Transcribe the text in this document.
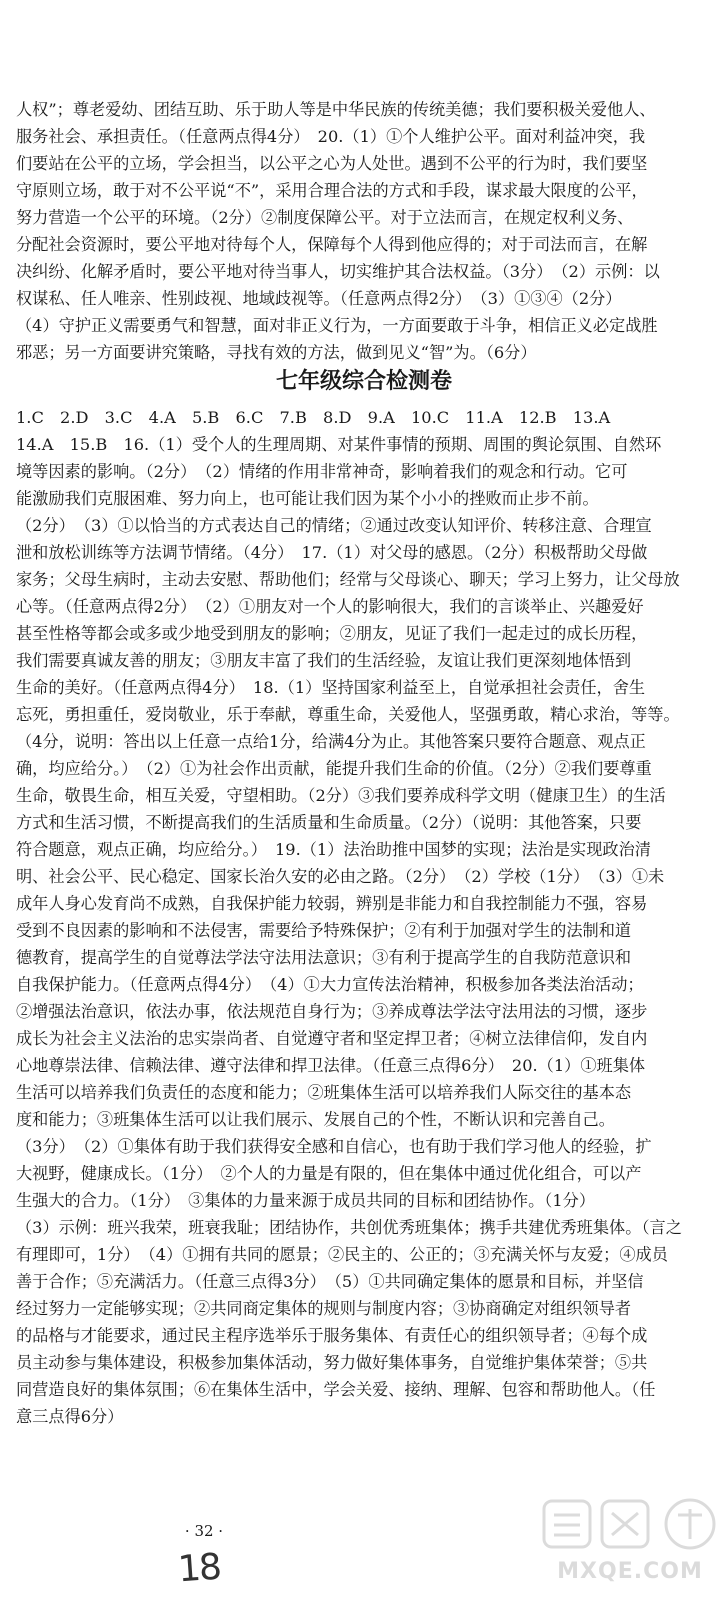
人权”；尊老爱幼、团结互助、乐于助人等是中华民族的传统美德；我们要积极关爱他人、
服务社会、承担责任。（任意两点得4分）　20.（1）①个人维护公平。面对利益冲突，我
们要站在公平的立场，学会担当，以公平之心为人处世。遇到不公平的行为时，我们要坚
守原则立场，敢于对不公平说“不”，采用合理合法的方式和手段，谋求最大限度的公平，
努力营造一个公平的环境。（2分）②制度保障公平。对于立法而言，在规定权利义务、
分配社会资源时，要公平地对待每个人，保障每个人得到他应得的；对于司法而言，在解
决纠纷、化解矛盾时，要公平地对待当事人，切实维护其合法权益。（3分）　（2）示例：以
权谋私、任人唯亲、性别歧视、地域歧视等。（任意两点得2分）　（3）①③④（2分）
（4）守护正义需要勇气和智慧，面对非正义行为，一方面要敢于斗争，相信正义必定战胜
邪恶；另一方面要讲究策略，寻找有效的方法，做到见义“智”为。（6分）
七年级综合检测卷
1.C　2.D　3.C　4.A　5.B　6.C　7.B　8.D　9.A　10.C　11.A　12.B　13.A
14.A　15.B　16.（1）受个人的生理周期、对某件事情的预期、周围的舆论氛围、自然环
境等因素的影响。（2分）　（2）情绪的作用非常神奇，影响着我们的观念和行动。它可
能激励我们克服困难、努力向上，也可能让我们因为某个小小的挫败而止步不前。
（2分）　（3）①以恰当的方式表达自己的情绪；②通过改变认知评价、转移注意、合理宣
泄和放松训练等方法调节情绪。（4分）　17.（1）对父母的感恩。（2分）积极帮助父母做
家务；父母生病时，主动去安慰、帮助他们；经常与父母谈心、聊天；学习上努力，让父母放
心等。（任意两点得2分）　（2）①朋友对一个人的影响很大，我们的言谈举止、兴趣爱好
甚至性格等都会或多或少地受到朋友的影响；②朋友，见证了我们一起走过的成长历程，
我们需要真诚友善的朋友；③朋友丰富了我们的生活经验，友谊让我们更深刻地体悟到
生命的美好。（任意两点得4分）　18.（1）坚持国家利益至上，自觉承担社会责任，舍生
忘死，勇担重任，爱岗敬业，乐于奉献，尊重生命，关爱他人，坚强勇敢，精心求治，等等。
（4分，说明：答出以上任意一点给1分，给满4分为止。其他答案只要符合题意、观点正
确，均应给分。）　（2）①为社会作出贡献，能提升我们生命的价值。（2分）②我们要尊重
生命，敬畏生命，相互关爱，守望相助。（2分）③我们要养成科学文明（健康卫生）的生活
方式和生活习惯，不断提高我们的生活质量和生命质量。（2分）（说明：其他答案，只要
符合题意，观点正确，均应给分。）　19.（1）法治助推中国梦的实现；法治是实现政治清
明、社会公平、民心稳定、国家长治久安的必由之路。（2分）　（2）学校（1分）　（3）①未
成年人身心发育尚不成熟，自我保护能力较弱，辨别是非能力和自我控制能力不强，容易
受到不良因素的影响和不法侵害，需要给予特殊保护；②有利于加强对学生的法制和道
德教育，提高学生的自觉尊法学法守法用法意识；③有利于提高学生的自我防范意识和
自我保护能力。（任意两点得4分）　（4）①大力宣传法治精神，积极参加各类法治活动；
②增强法治意识，依法办事，依法规范自身行为；③养成尊法学法守法用法的习惯，逐步
成长为社会主义法治的忠实崇尚者、自觉遵守者和坚定捍卫者；④树立法律信仰，发自内
心地尊崇法律、信赖法律、遵守法律和捍卫法律。（任意三点得6分）　20.（1）①班集体
生活可以培养我们负责任的态度和能力；②班集体生活可以培养我们人际交往的基本态
度和能力；③班集体生活可以让我们展示、发展自己的个性，不断认识和完善自己。
（3分）　（2）①集体有助于我们获得安全感和自信心，也有助于我们学习他人的经验，扩
大视野，健康成长。（1分）　②个人的力量是有限的，但在集体中通过优化组合，可以产
生强大的合力。（1分）　③集体的力量来源于成员共同的目标和团结协作。（1分）
（3）示例：班兴我荣，班衰我耻；团结协作，共创优秀班集体；携手共建优秀班集体。（言之
有理即可，1分）　（4）①拥有共同的愿景；②民主的、公正的；③充满关怀与友爱；④成员
善于合作；⑤充满活力。（任意三点得3分）　（5）①共同确定集体的愿景和目标，并坚信
经过努力一定能够实现；②共同商定集体的规则与制度内容；③协商确定对组织领导者
的品格与才能要求，通过民主程序选举乐于服务集体、有责任心的组织领导者；④每个成
员主动参与集体建设，积极参加集体活动，努力做好集体事务，自觉维护集体荣誉；⑤共
同营造良好的集体氛围；⑥在集体生活中，学会关爱、接纳、理解、包容和帮助他人。（任
意三点得6分）
· 32 ·
18	MXQE.COM
